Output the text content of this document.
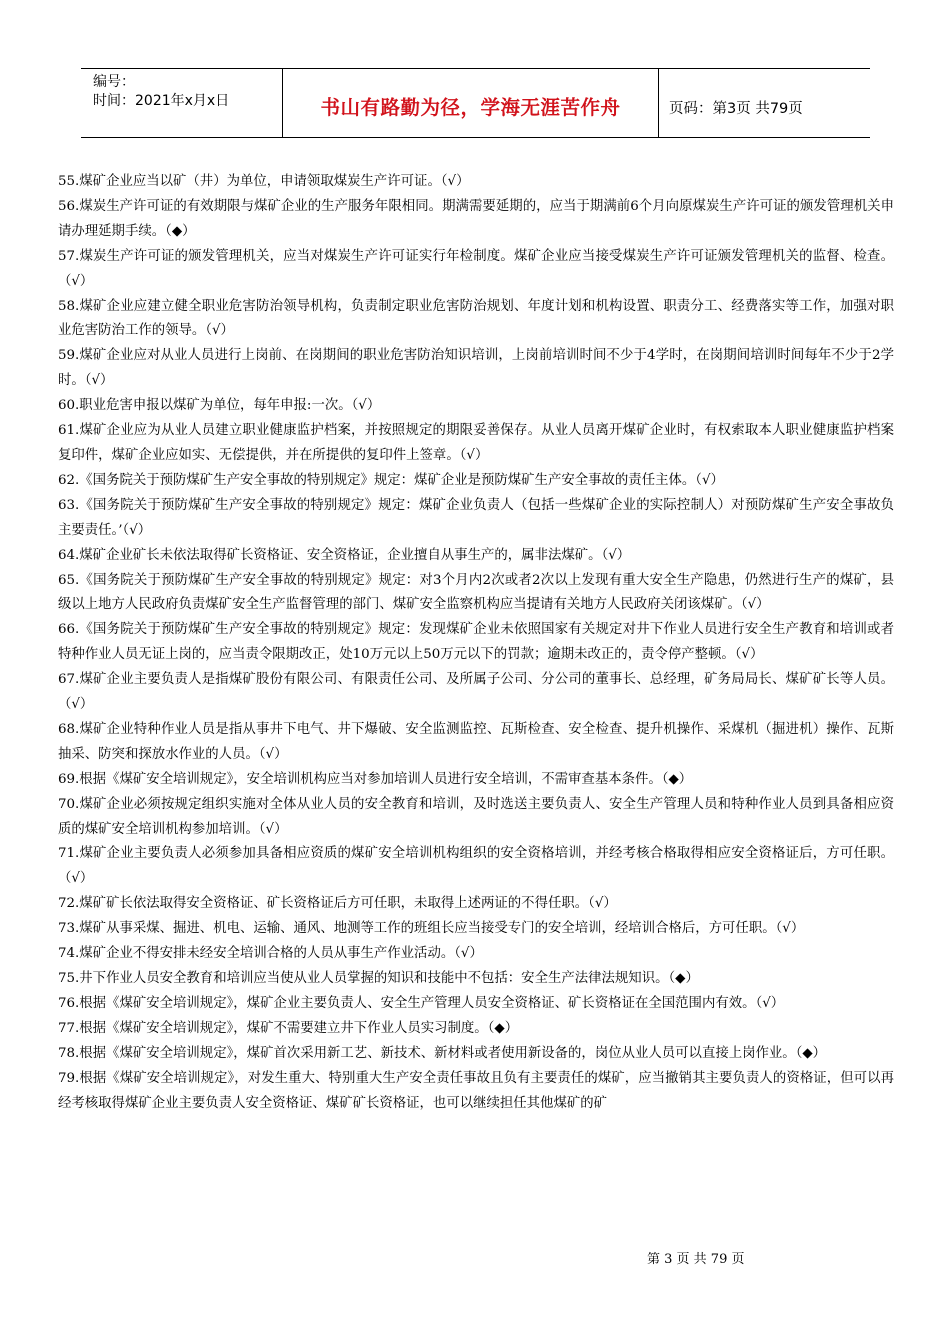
编号：
时间：2021年x月x日	书山有路勤为径，学海无涯苦作舟	页码：第3页 共79页
55.煤矿企业应当以矿（井）为单位，申请领取煤炭生产许可证。（√）
56.煤炭生产许可证的有效期限与煤矿企业的生产服务年限相同。期满需要延期的，应当于期满前6个月向原煤炭生产许可证的颁发管理机关申请办理延期手续。（◆）
57.煤炭生产许可证的颁发管理机关，应当对煤炭生产许可证实行年检制度。煤矿企业应当接受煤炭生产许可证颁发管理机关的监督、检查。（√）
58.煤矿企业应建立健全职业危害防治领导机构，负责制定职业危害防治规划、年度计划和机构设置、职责分工、经费落实等工作，加强对职业危害防治工作的领导。（√）
59.煤矿企业应对从业人员进行上岗前、在岗期间的职业危害防治知识培训，上岗前培训时间不少于4学时，在岗期间培训时间每年不少于2学时。（√）
60.职业危害申报以煤矿为单位，每年申报:一次。（√）
61.煤矿企业应为从业人员建立职业健康监护档案，并按照规定的期限妥善保存。从业人员离开煤矿企业时，有权索取本人职业健康监护档案复印件，煤矿企业应如实、无偿提供，并在所提供的复印件上签章。（√）
62.《国务院关于预防煤矿生产安全事故的特别规定》规定：煤矿企业是预防煤矿生产安全事故的责任主体。（√）
63.《国务院关于预防煤矿生产安全事故的特别规定》规定：煤矿企业负责人（包括一些煤矿企业的实际控制人）对预防煤矿生产安全事故负主要责任。’（√）
64.煤矿企业矿长未依法取得矿长资格证、安全资格证，企业擅自从事生产的，属非法煤矿。（√）
65.《国务院关于预防煤矿生产安全事故的特别规定》规定：对3个月内2次或者2次以上发现有重大安全生产隐患，仍然进行生产的煤矿，县级以上地方人民政府负责煤矿安全生产监督管理的部门、煤矿安全监察机构应当提请有关地方人民政府关闭该煤矿。（√）
66.《国务院关于预防煤矿生产安全事故的特别规定》规定：发现煤矿企业未依照国家有关规定对井下作业人员进行安全生产教育和培训或者特种作业人员无证上岗的，应当责令限期改正，处10万元以上50万元以下的罚款；逾期未改正的，责令停产整顿。（√）
67.煤矿企业主要负责人是指煤矿股份有限公司、有限责任公司、及所属子公司、分公司的董事长、总经理，矿务局局长、煤矿矿长等人员。（√）
68.煤矿企业特种作业人员是指从事井下电气、井下爆破、安全监测监控、瓦斯检查、安全检查、提升机操作、采煤机（掘进机）操作、瓦斯抽采、防突和探放水作业的人员。（√）
69.根据《煤矿安全培训规定》，安全培训机构应当对参加培训人员进行安全培训，不需审查基本条件。（◆）
70.煤矿企业必须按规定组织实施对全体从业人员的安全教育和培训，及时选送主要负责人、安全生产管理人员和特种作业人员到具备相应资质的煤矿安全培训机构参加培训。（√）
71.煤矿企业主要负责人必须参加具备相应资质的煤矿安全培训机构组织的安全资格培训，并经考核合格取得相应安全资格证后，方可任职。（√）
72.煤矿矿长依法取得安全资格证、矿长资格证后方可任职，未取得上述两证的不得任职。（√）
73.煤矿从事采煤、掘进、机电、运输、通风、地测等工作的班组长应当接受专门的安全培训，经培训合格后，方可任职。（√）
74.煤矿企业不得安排未经安全培训合格的人员从事生产作业活动。（√）
75.井下作业人员安全教育和培训应当使从业人员掌握的知识和技能中不包括：安全生产法律法规知识。（◆）
76.根据《煤矿安全培训规定》，煤矿企业主要负责人、安全生产管理人员安全资格证、矿长资格证在全国范围内有效。（√）
77.根据《煤矿安全培训规定》，煤矿不需要建立井下作业人员实习制度。（◆）
78.根据《煤矿安全培训规定》，煤矿首次采用新工艺、新技术、新材料或者使用新设备的，岗位从业人员可以直接上岗作业。（◆）
79.根据《煤矿安全培训规定》，对发生重大、特别重大生产安全责任事故且负有主要责任的煤矿，应当撤销其主要负责人的资格证，但可以再经考核取得煤矿企业主要负责人安全资格证、煤矿矿长资格证，也可以继续担任其他煤矿的矿
第 3 页 共 79 页
